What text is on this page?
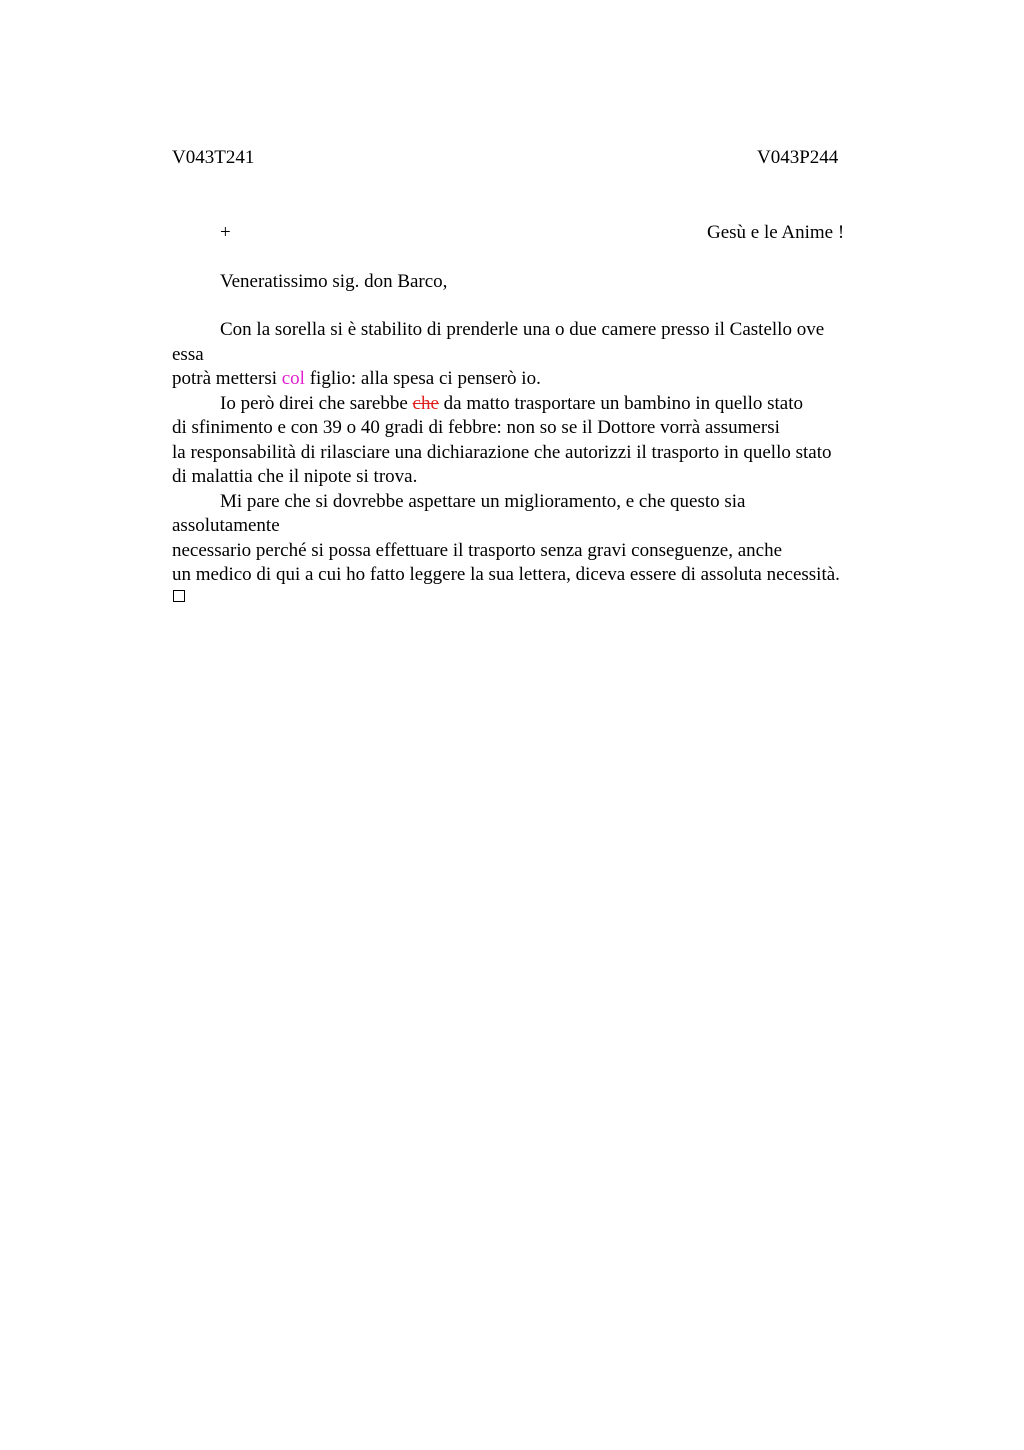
V043T241	V043P244
+	Gesù e le Anime !
Veneratissimo sig. don Barco,
Con la sorella si è stabilito di prenderle una o due camere presso il Castello ove
essa
potrà mettersi col figlio: alla spesa ci penserò io.
Io però direi che sarebbe che da matto trasportare un bambino in quello stato
di sfinimento e con 39 o 40 gradi di febbre: non so se il Dottore vorrà assumersi
la responsabilità di rilasciare una dichiarazione che autorizzi il trasporto in quello stato
di malattia che il nipote si trova.
Mi pare che si dovrebbe aspettare un miglioramento, e che questo sia
assolutamente
necessario perché si possa effettuare il trasporto senza gravi conseguenze, anche
un medico di qui a cui ho fatto leggere la sua lettera, diceva essere di assoluta necessità.
